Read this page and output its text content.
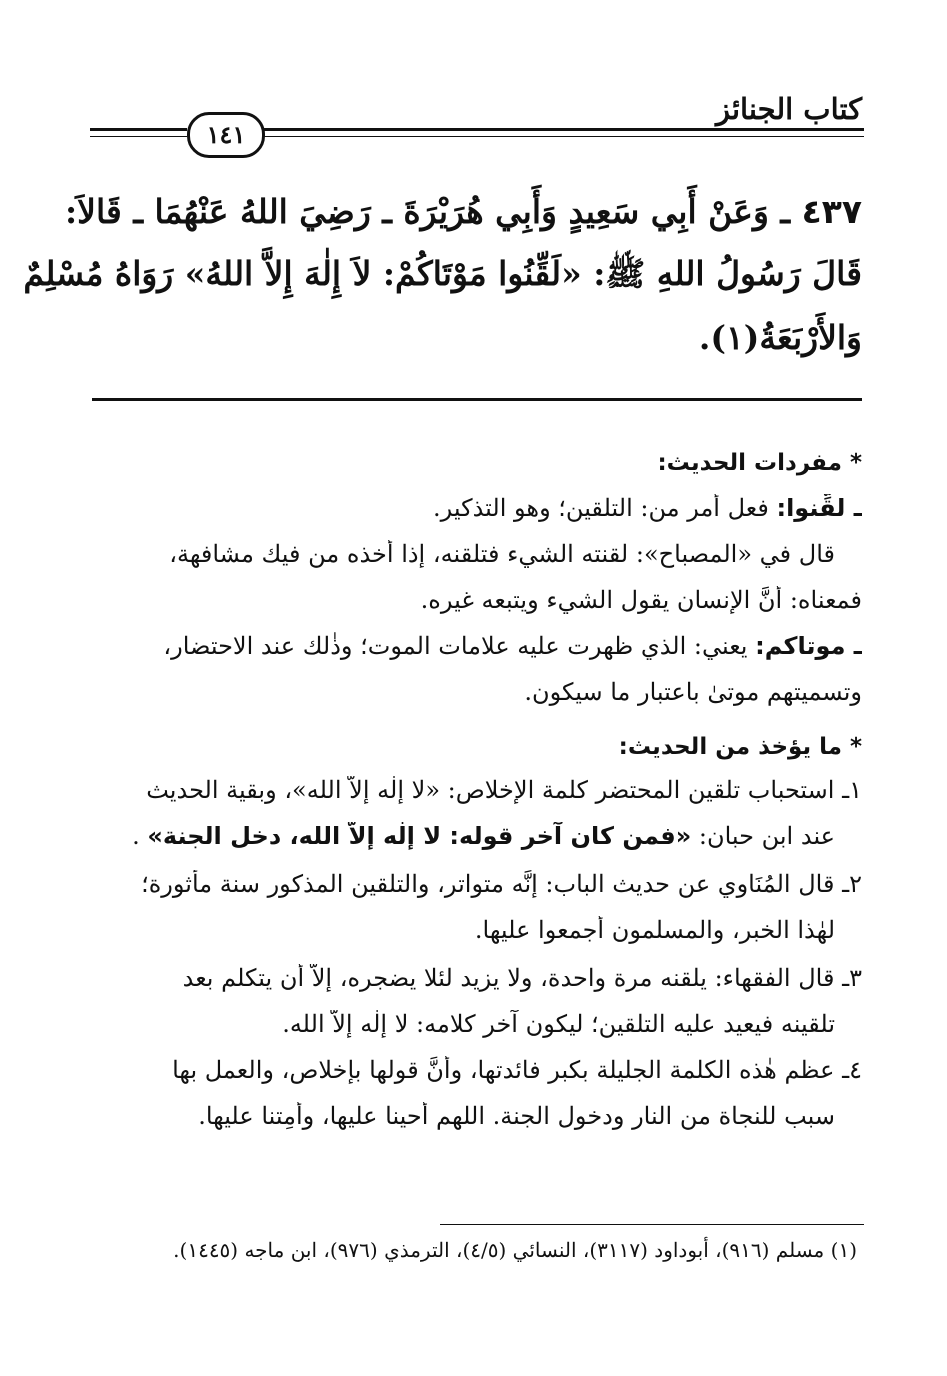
كتاب الجنائز
١٤١
٤٣٧ ـ وَعَنْ أَبِي سَعِيدٍ وَأَبِي هُرَيْرَةَ ـ رَضِيَ اللهُ عَنْهُمَا ـ قَالاَ:
قَالَ رَسُولُ اللهِ ﷺ: «لَقِّنُوا مَوْتَاكُمْ: لاَ إِلٰهَ إِلاَّ اللهُ» رَوَاهُ مُسْلِمٌ
وَالأَرْبَعَةُ(١).
* مفردات الحديث:
ـ لقِّنوا: فعل أمر من: التلقين؛ وهو التذكير.
قال في «المصباح»: لقنته الشيء فتلقنه، إذا أخذه من فيك مشافهة،
فمعناه: أنَّ الإنسان يقول الشيء ويتبعه غيره.
ـ موتاكم: يعني: الذي ظهرت عليه علامات الموت؛ وذٰلك عند الاحتضار،
وتسميتهم موتىٰ باعتبار ما سيكون.
* ما يؤخذ من الحديث:
١ـ استحباب تلقين المحتضر كلمة الإخلاص: «لا إلٰه إلاَّ الله»، وبقية الحديث
عند ابن حبان: «فمن كان آخر قوله: لا إلٰه إلاَّ الله، دخل الجنة» .
٢ـ قال المُنَاوي عن حديث الباب: إنَّه متواتر، والتلقين المذكور سنة مأثورة؛
لهٰذا الخبر، والمسلمون أجمعوا عليها.
٣ـ قال الفقهاء: يلقنه مرة واحدة، ولا يزيد لئلا يضجره، إلاَّ أن يتكلم بعد
تلقينه فيعيد عليه التلقين؛ ليكون آخر كلامه: لا إلٰه إلاَّ الله.
٤ـ عظم هٰذه الكلمة الجليلة بكبر فائدتها، وأنَّ قولها بإخلاص، والعمل بها
سبب للنجاة من النار ودخول الجنة. اللهم أحينا عليها، وأمِتنا عليها.
(١) مسلم (٩١٦)، أبوداود (٣١١٧)، النسائي (٤/٥)، الترمذي (٩٧٦)، ابن ماجه (١٤٤٥).
